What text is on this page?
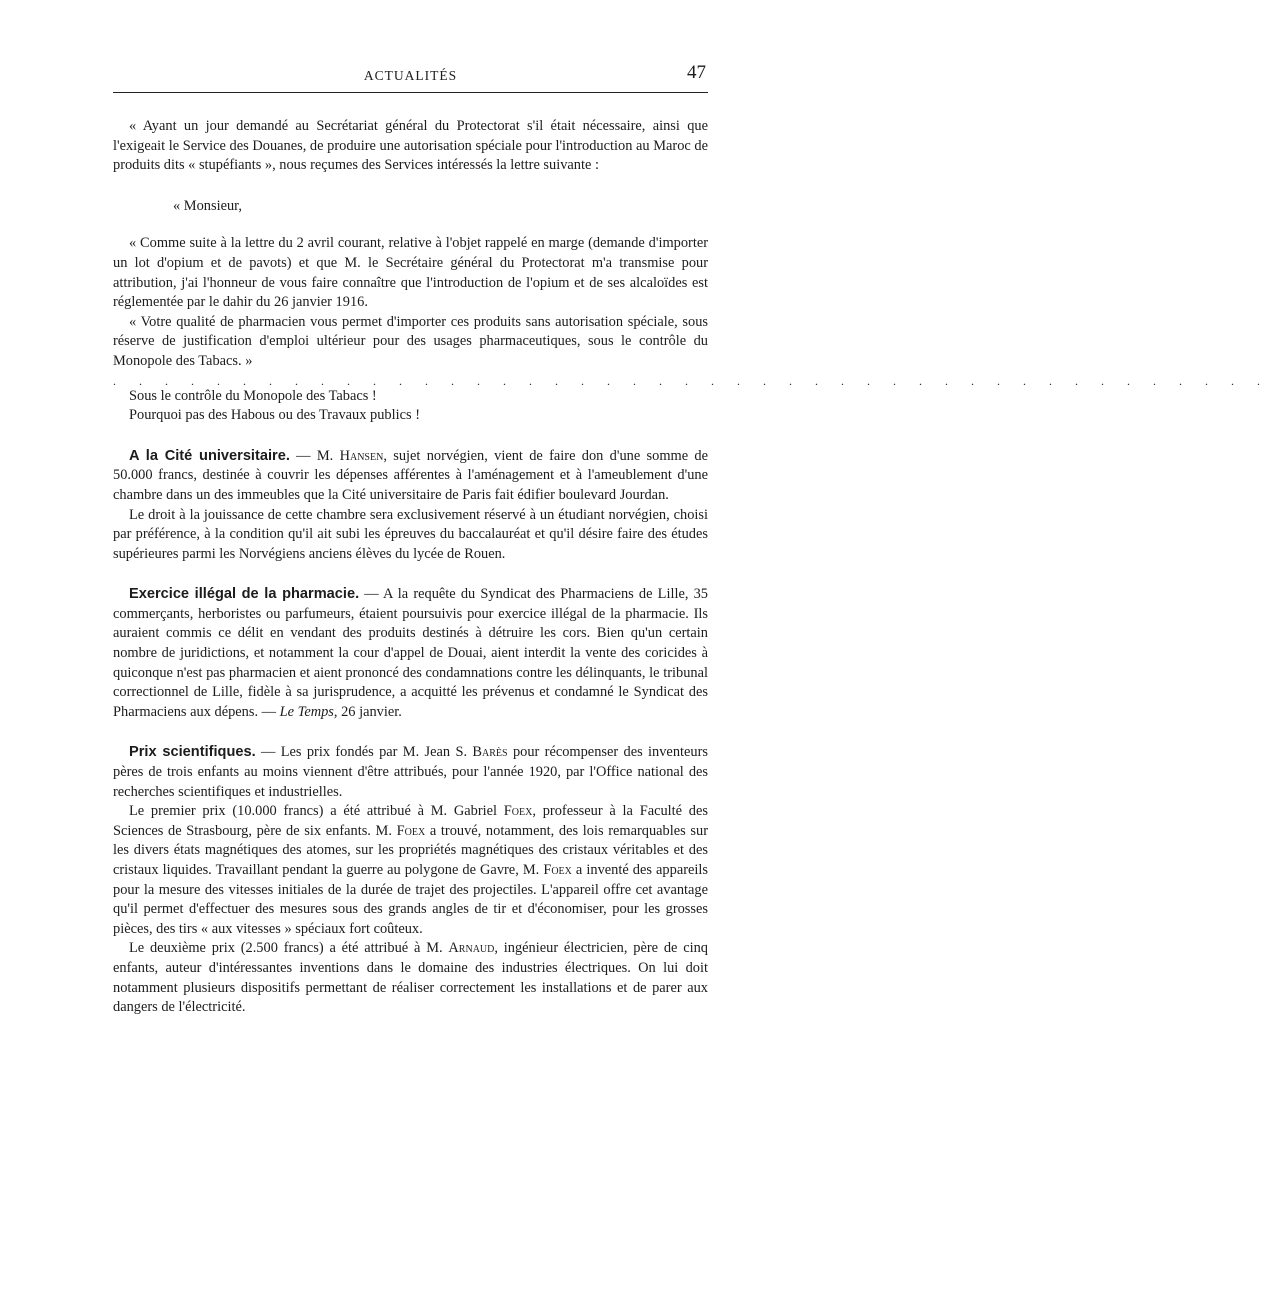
ACTUALITÉS	47

« Ayant un jour demandé au Secrétariat général du Protectorat s'il était nécessaire, ainsi que l'exigeait le Service des Douanes, de produire une autorisation spéciale pour l'introduction au Maroc de produits dits « stupéfiants », nous reçumes des Services intéressés la lettre suivante :

« Monsieur,

« Comme suite à la lettre du 2 avril courant, relative à l'objet rappelé en marge (demande d'importer un lot d'opium et de pavots) et que M. le Secrétaire général du Protectorat m'a transmise pour attribution, j'ai l'honneur de vous faire connaître que l'introduction de l'opium et de ses alcaloïdes est réglementée par le dahir du 26 janvier 1916.

« Votre qualité de pharmacien vous permet d'importer ces produits sans autorisation spéciale, sous réserve de justification d'emploi ultérieur pour des usages pharmaceutiques, sous le contrôle du Monopole des Tabacs. »

. . . . . . . . . . . . . . . . . . . . . . . . . . . . . . . . . . . . . . . . . . . . .

Sous le contrôle du Monopole des Tabacs !

Pourquoi pas des Habous ou des Travaux publics !

A la Cité universitaire. — M. Hansen, sujet norvégien, vient de faire don d'une somme de 50.000 francs, destinée à couvrir les dépenses afférentes à l'aménagement et à l'ameublement d'une chambre dans un des immeubles que la Cité universitaire de Paris fait édifier boulevard Jourdan.

Le droit à la jouissance de cette chambre sera exclusivement réservé à un étudiant norvégien, choisi par préférence, à la condition qu'il ait subi les épreuves du baccalauréat et qu'il désire faire des études supérieures parmi les Norvégiens anciens élèves du lycée de Rouen.

Exercice illégal de la pharmacie. — A la requête du Syndicat des Pharmaciens de Lille, 35 commerçants, herboristes ou parfumeurs, étaient poursuivis pour exercice illégal de la pharmacie. Ils auraient commis ce délit en vendant des produits destinés à détruire les cors. Bien qu'un certain nombre de juridictions, et notamment la cour d'appel de Douai, aient interdit la vente des coricides à quiconque n'est pas pharmacien et aient prononcé des condamnations contre les délinquants, le tribunal correctionnel de Lille, fidèle à sa jurisprudence, a acquitté les prévenus et condamné le Syndicat des Pharmaciens aux dépens. — Le Temps, 26 janvier.

Prix scientifiques. — Les prix fondés par M. Jean S. Barès pour récompenser des inventeurs pères de trois enfants au moins viennent d'être attribués, pour l'année 1920, par l'Office national des recherches scientifiques et industrielles.

Le premier prix (10.000 francs) a été attribué à M. Gabriel Foex, professeur à la Faculté des Sciences de Strasbourg, père de six enfants. M. Foex a trouvé, notamment, des lois remarquables sur les divers états magnétiques des atomes, sur les propriétés magnétiques des cristaux véritables et des cristaux liquides. Travaillant pendant la guerre au polygone de Gavre, M. Foex a inventé des appareils pour la mesure des vitesses initiales de la durée de trajet des projectiles. L'appareil offre cet avantage qu'il permet d'effectuer des mesures sous des grands angles de tir et d'économiser, pour les grosses pièces, des tirs « aux vitesses » spéciaux fort coûteux.

Le deuxième prix (2.500 francs) a été attribué à M. Arnaud, ingénieur électricien, père de cinq enfants, auteur d'intéressantes inventions dans le domaine des industries électriques. On lui doit notamment plusieurs dispositifs permettant de réaliser correctement les installations et de parer aux dangers de l'électricité.
